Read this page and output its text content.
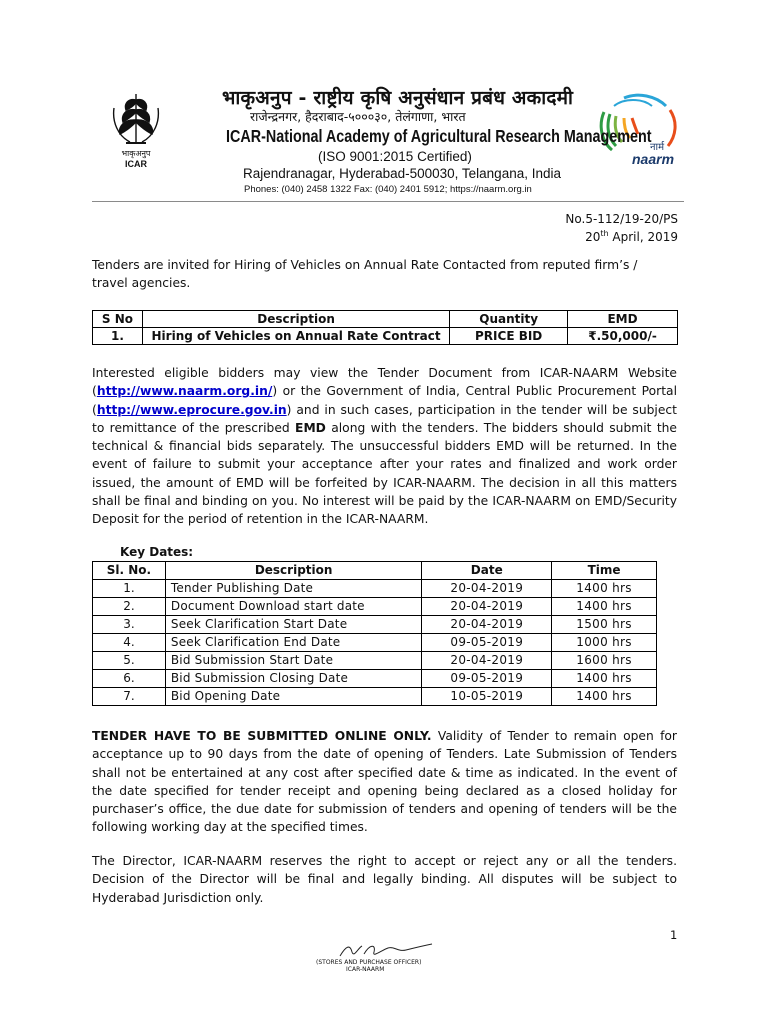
भाकृअनुप
ICAR
नार्म
naarm
भाकृअनुप - राष्ट्रीय कृषि अनुसंधान प्रबंध अकादमी
राजेन्द्रनगर, हैदराबाद-५०००३०, तेलंगाणा, भारत
ICAR-National Academy of Agricultural Research Management
(ISO 9001:2015 Certified)
Rajendranagar, Hyderabad-500030, Telangana, India
Phones: (040) 2458 1322 Fax: (040) 2401 5912; https://naarm.org.in
No.5-112/19-20/PS
20th April, 2019
Tenders are invited for Hiring of Vehicles on Annual Rate Contacted from reputed firm’s / travel agencies.
S No	Description	Quantity	EMD
1.	Hiring of Vehicles on Annual Rate Contract	PRICE BID	₹.50,000/-
Interested eligible bidders may view the Tender Document from ICAR-NAARM Website (http://www.naarm.org.in/) or the Government of India, Central Public Procurement Portal (http://www.eprocure.gov.in) and in such cases, participation in the tender will be subject to remittance of the prescribed EMD along with the tenders. The bidders should submit the technical & financial bids separately. The unsuccessful bidders EMD will be returned. In the event of failure to submit your acceptance after your rates and finalized and work order issued, the amount of EMD will be forfeited by ICAR-NAARM. The decision in all this matters shall be final and binding on you. No interest will be paid by the ICAR-NAARM on EMD/Security Deposit for the period of retention in the ICAR-NAARM.
Key Dates:
Sl. No.	Description	Date	Time
1.	Tender Publishing Date	20-04-2019	1400 hrs
2.	Document Download start date	20-04-2019	1400 hrs
3.	Seek Clarification Start Date	20-04-2019	1500 hrs
4.	Seek Clarification End Date	09-05-2019	1000 hrs
5.	Bid Submission Start Date	20-04-2019	1600 hrs
6.	Bid Submission Closing Date	09-05-2019	1400 hrs
7.	Bid Opening Date	10-05-2019	1400 hrs
TENDER HAVE TO BE SUBMITTED ONLINE ONLY. Validity of Tender to remain open for acceptance up to 90 days from the date of opening of Tenders. Late Submission of Tenders shall not be entertained at any cost after specified date & time as indicated. In the event of the date specified for tender receipt and opening being declared as a closed holiday for purchaser’s office, the due date for submission of tenders and opening of tenders will be the following working day at the specified times.
The Director, ICAR-NAARM reserves the right to accept or reject any or all the tenders. Decision of the Director will be final and legally binding. All disputes will be subject to Hyderabad Jurisdiction only.
1
(STORES AND PURCHASE OFFICER)
ICAR-NAARM
